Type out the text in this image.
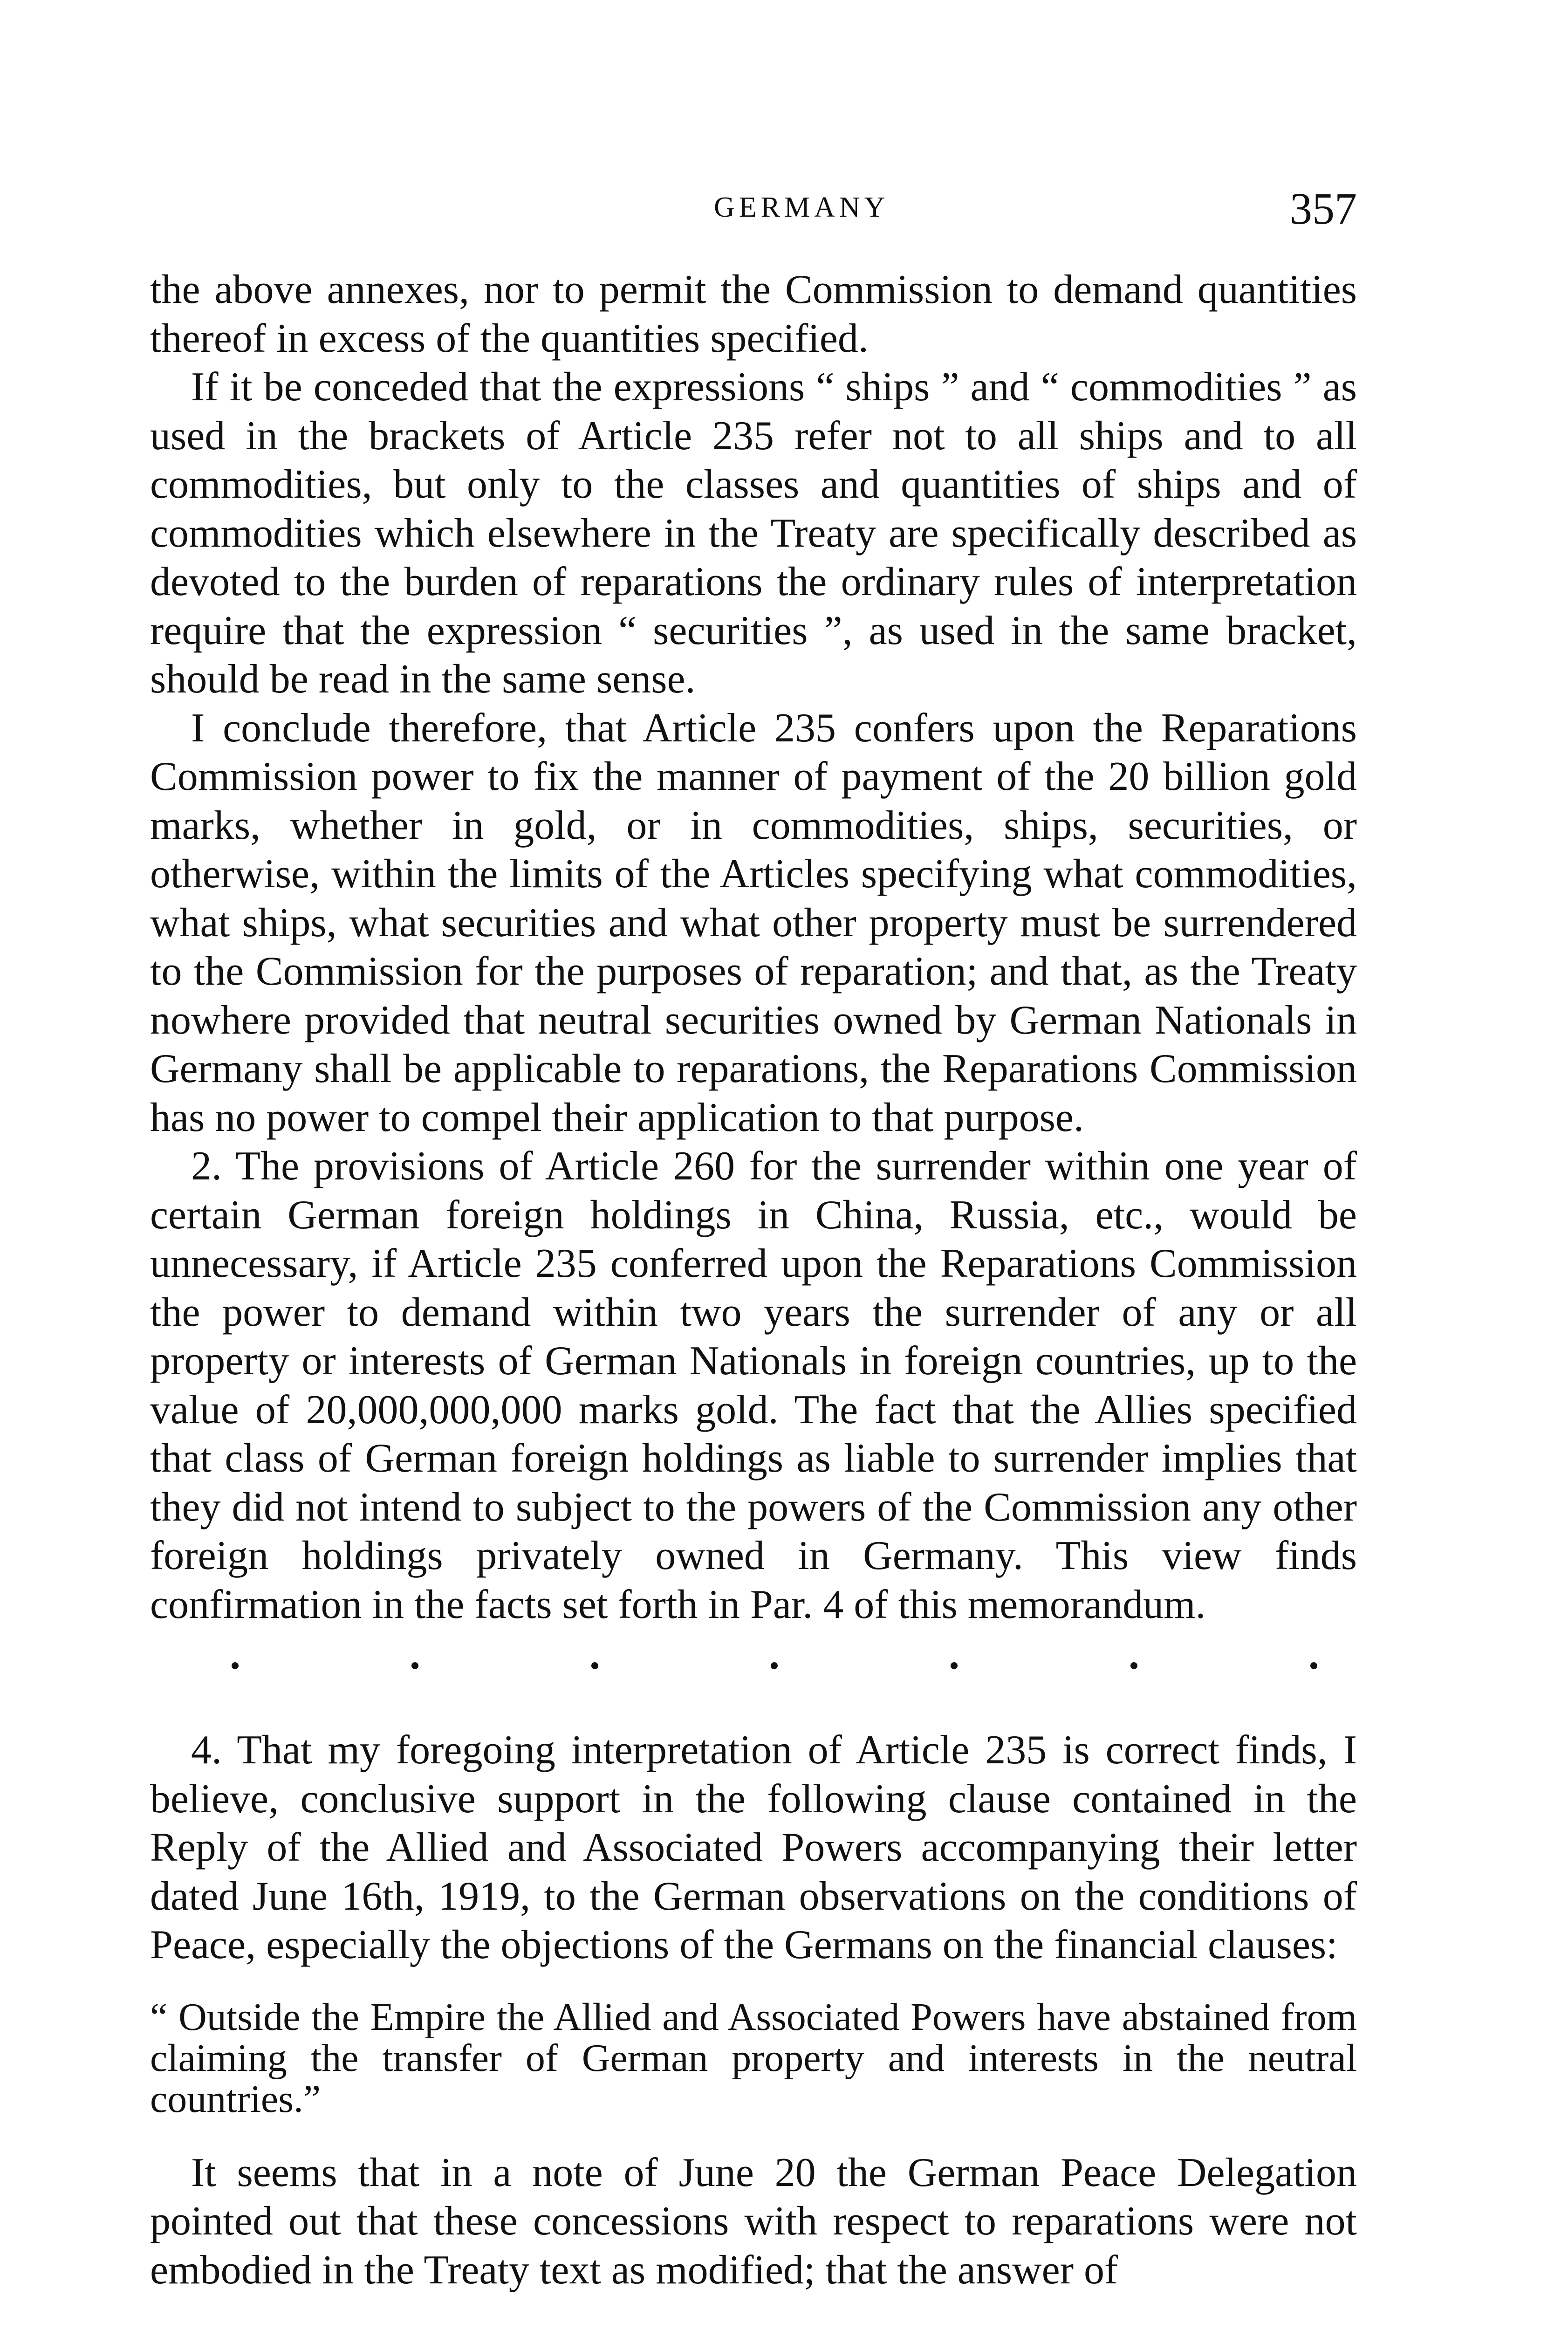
GERMANY	357

the above annexes, nor to permit the Commission to demand quantities thereof in excess of the quantities specified.

If it be conceded that the expressions “ ships ” and “ commodities ” as used in the brackets of Article 235 refer not to all ships and to all commodities, but only to the classes and quantities of ships and of commodities which elsewhere in the Treaty are specifically described as devoted to the burden of reparations the ordinary rules of interpretation require that the expression “ securities ”, as used in the same bracket, should be read in the same sense.

I conclude therefore, that Article 235 confers upon the Reparations Commission power to fix the manner of payment of the 20 billion gold marks, whether in gold, or in commodities, ships, securities, or otherwise, within the limits of the Articles specifying what commodities, what ships, what securities and what other property must be surrendered to the Commission for the purposes of reparation; and that, as the Treaty nowhere provided that neutral securities owned by German Nationals in Germany shall be applicable to reparations, the Reparations Commission has no power to compel their application to that purpose.

2. The provisions of Article 260 for the surrender within one year of certain German foreign holdings in China, Russia, etc., would be unnecessary, if Article 235 conferred upon the Reparations Commission the power to demand within two years the surrender of any or all property or interests of German Nationals in foreign countries, up to the value of 20,000,000,000 marks gold. The fact that the Allies specified that class of German foreign holdings as liable to surrender implies that they did not intend to subject to the powers of the Commission any other foreign holdings privately owned in Germany. This view finds confirmation in the facts set forth in Par. 4 of this memorandum.

4. That my foregoing interpretation of Article 235 is correct finds, I believe, conclusive support in the following clause contained in the Reply of the Allied and Associated Powers accompanying their letter dated June 16th, 1919, to the German observations on the conditions of Peace, especially the objections of the Germans on the financial clauses:

“ Outside the Empire the Allied and Associated Powers have abstained from claiming the transfer of German property and interests in the neutral countries.”

It seems that in a note of June 20 the German Peace Delegation pointed out that these concessions with respect to reparations were not embodied in the Treaty text as modified; that the answer of
